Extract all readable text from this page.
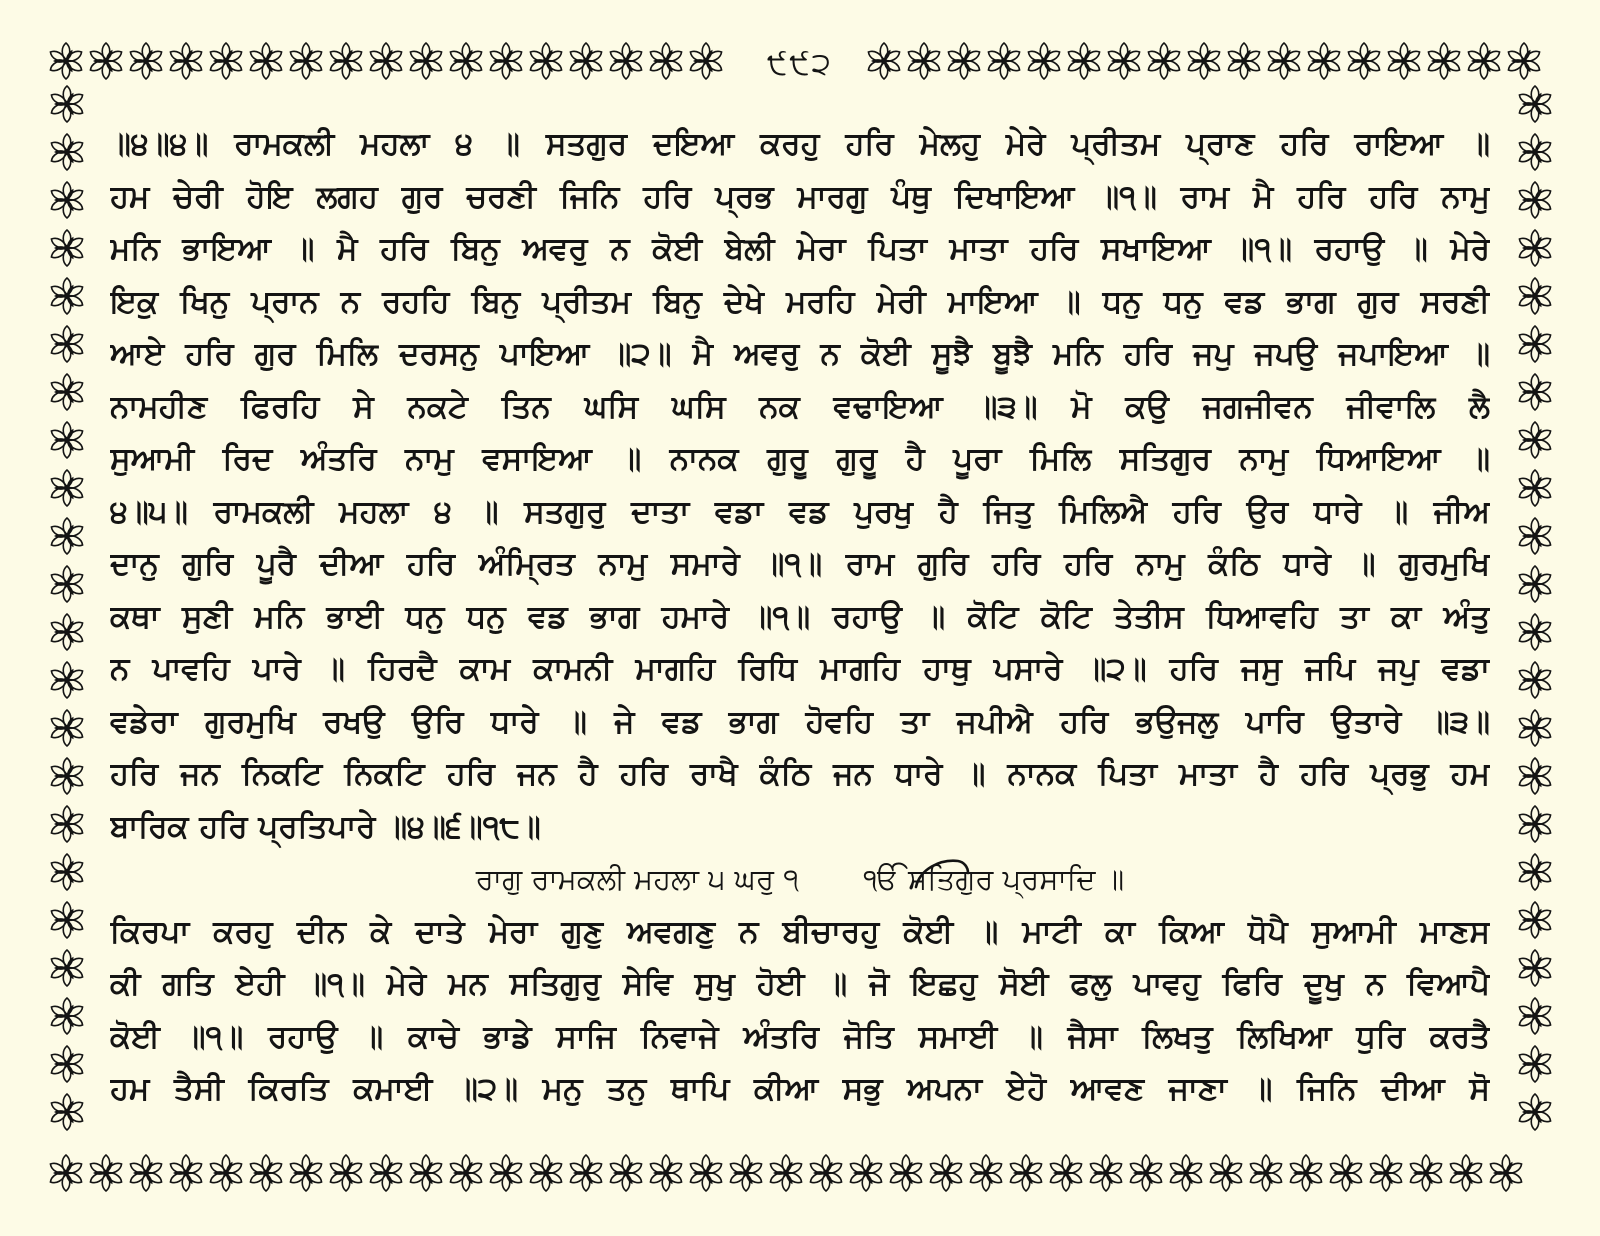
੯੯੨
॥੪॥੪॥ ਰਾਮਕਲੀ ਮਹਲਾ ੪ ॥ ਸਤਗੁਰ ਦਇਆ ਕਰਹੁ ਹਰਿ ਮੇਲਹੁ ਮੇਰੇ ਪ੍ਰੀਤਮ ਪ੍ਰਾਣ ਹਰਿ ਰਾਇਆ ॥
ਹਮ ਚੇਰੀ ਹੋਇ ਲਗਹ ਗੁਰ ਚਰਣੀ ਜਿਨਿ ਹਰਿ ਪ੍ਰਭ ਮਾਰਗੁ ਪੰਥੁ ਦਿਖਾਇਆ ॥੧॥ ਰਾਮ ਮੈ ਹਰਿ ਹਰਿ ਨਾਮੁ
ਮਨਿ ਭਾਇਆ ॥ ਮੈ ਹਰਿ ਬਿਨੁ ਅਵਰੁ ਨ ਕੋਈ ਬੇਲੀ ਮੇਰਾ ਪਿਤਾ ਮਾਤਾ ਹਰਿ ਸਖਾਇਆ ॥੧॥ ਰਹਾਉ ॥ ਮੇਰੇ
ਇਕੁ ਖਿਨੁ ਪ੍ਰਾਨ ਨ ਰਹਹਿ ਬਿਨੁ ਪ੍ਰੀਤਮ ਬਿਨੁ ਦੇਖੇ ਮਰਹਿ ਮੇਰੀ ਮਾਇਆ ॥ ਧਨੁ ਧਨੁ ਵਡ ਭਾਗ ਗੁਰ ਸਰਣੀ
ਆਏ ਹਰਿ ਗੁਰ ਮਿਲਿ ਦਰਸਨੁ ਪਾਇਆ ॥੨॥ ਮੈ ਅਵਰੁ ਨ ਕੋਈ ਸੂਝੈ ਬੂਝੈ ਮਨਿ ਹਰਿ ਜਪੁ ਜਪਉ ਜਪਾਇਆ ॥
ਨਾਮਹੀਣ ਫਿਰਹਿ ਸੇ ਨਕਟੇ ਤਿਨ ਘਸਿ ਘਸਿ ਨਕ ਵਢਾਇਆ ॥੩॥ ਮੋ ਕਉ ਜਗਜੀਵਨ ਜੀਵਾਲਿ ਲੈ
ਸੁਆਮੀ ਰਿਦ ਅੰਤਰਿ ਨਾਮੁ ਵਸਾਇਆ ॥ ਨਾਨਕ ਗੁਰੂ ਗੁਰੂ ਹੈ ਪੂਰਾ ਮਿਲਿ ਸਤਿਗੁਰ ਨਾਮੁ ਧਿਆਇਆ ॥
੪॥੫॥ ਰਾਮਕਲੀ ਮਹਲਾ ੪ ॥ ਸਤਗੁਰੁ ਦਾਤਾ ਵਡਾ ਵਡ ਪੁਰਖੁ ਹੈ ਜਿਤੁ ਮਿਲਿਐ ਹਰਿ ਉਰ ਧਾਰੇ ॥ ਜੀਅ
ਦਾਨੁ ਗੁਰਿ ਪੂਰੈ ਦੀਆ ਹਰਿ ਅੰਮ੍ਰਿਤ ਨਾਮੁ ਸਮਾਰੇ ॥੧॥ ਰਾਮ ਗੁਰਿ ਹਰਿ ਹਰਿ ਨਾਮੁ ਕੰਠਿ ਧਾਰੇ ॥ ਗੁਰਮੁਖਿ
ਕਥਾ ਸੁਣੀ ਮਨਿ ਭਾਈ ਧਨੁ ਧਨੁ ਵਡ ਭਾਗ ਹਮਾਰੇ ॥੧॥ ਰਹਾਉ ॥ ਕੋਟਿ ਕੋਟਿ ਤੇਤੀਸ ਧਿਆਵਹਿ ਤਾ ਕਾ ਅੰਤੁ
ਨ ਪਾਵਹਿ ਪਾਰੇ ॥ ਹਿਰਦੈ ਕਾਮ ਕਾਮਨੀ ਮਾਗਹਿ ਰਿਧਿ ਮਾਗਹਿ ਹਾਥੁ ਪਸਾਰੇ ॥੨॥ ਹਰਿ ਜਸੁ ਜਪਿ ਜਪੁ ਵਡਾ
ਵਡੇਰਾ ਗੁਰਮੁਖਿ ਰਖਉ ਉਰਿ ਧਾਰੇ ॥ ਜੇ ਵਡ ਭਾਗ ਹੋਵਹਿ ਤਾ ਜਪੀਐ ਹਰਿ ਭਉਜਲੁ ਪਾਰਿ ਉਤਾਰੇ ॥੩॥
ਹਰਿ ਜਨ ਨਿਕਟਿ ਨਿਕਟਿ ਹਰਿ ਜਨ ਹੈ ਹਰਿ ਰਾਖੈ ਕੰਠਿ ਜਨ ਧਾਰੇ ॥ ਨਾਨਕ ਪਿਤਾ ਮਾਤਾ ਹੈ ਹਰਿ ਪ੍ਰਭੁ ਹਮ
ਬਾਰਿਕ ਹਰਿ ਪ੍ਰਤਿਪਾਰੇ ॥੪॥੬॥੧੮॥
ਰਾਗੁ ਰਾਮਕਲੀ ਮਹਲਾ ੫ ਘਰੁ ੧       ੴ ਸਤਿਗੁਰ ਪ੍ਰਸਾਦਿ ॥
ਕਿਰਪਾ ਕਰਹੁ ਦੀਨ ਕੇ ਦਾਤੇ ਮੇਰਾ ਗੁਣੁ ਅਵਗਣੁ ਨ ਬੀਚਾਰਹੁ ਕੋਈ ॥ ਮਾਟੀ ਕਾ ਕਿਆ ਧੋਪੈ ਸੁਆਮੀ ਮਾਣਸ
ਕੀ ਗਤਿ ਏਹੀ ॥੧॥ ਮੇਰੇ ਮਨ ਸਤਿਗੁਰੁ ਸੇਵਿ ਸੁਖੁ ਹੋਈ ॥ ਜੋ ਇਛਹੁ ਸੋਈ ਫਲੁ ਪਾਵਹੁ ਫਿਰਿ ਦੂਖੁ ਨ ਵਿਆਪੈ
ਕੋਈ ॥੧॥ ਰਹਾਉ ॥ ਕਾਚੇ ਭਾਡੇ ਸਾਜਿ ਨਿਵਾਜੇ ਅੰਤਰਿ ਜੋਤਿ ਸਮਾਈ ॥ ਜੈਸਾ ਲਿਖਤੁ ਲਿਖਿਆ ਧੁਰਿ ਕਰਤੈ
ਹਮ ਤੈਸੀ ਕਿਰਤਿ ਕਮਾਈ ॥੨॥ ਮਨੁ ਤਨੁ ਥਾਪਿ ਕੀਆ ਸਭੁ ਅਪਨਾ ਏਹੋ ਆਵਣ ਜਾਣਾ ॥ ਜਿਨਿ ਦੀਆ ਸੋ
